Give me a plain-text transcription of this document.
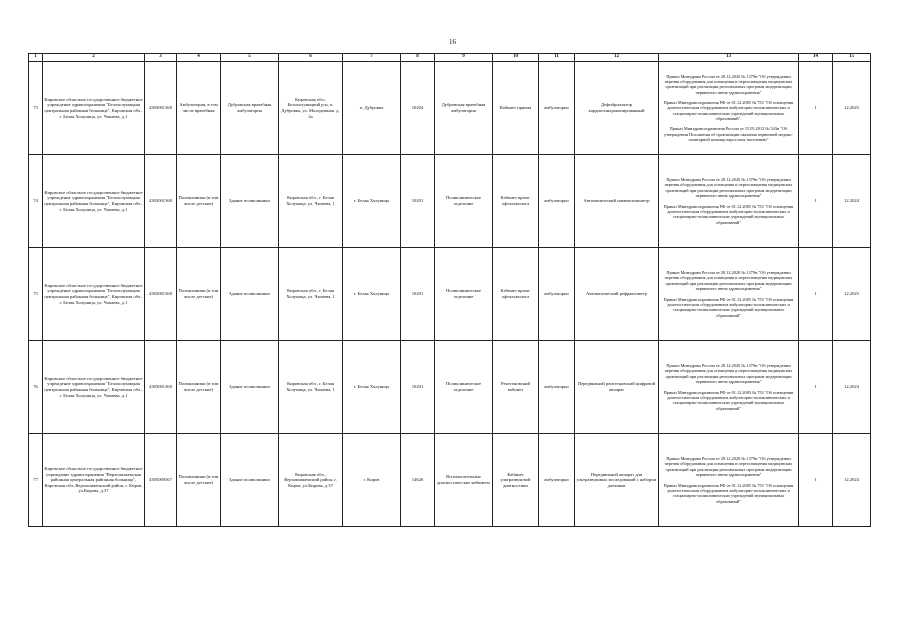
16
1	2	3	4	5	6	7	8	9	10	11	12	13	14	15
73	Кировское областное государственное бюджетное учреждение здравоохранения "Белохолуницкая центральная районная больница", Кировская обл., г. Белая Холуница, ул. Чапаева, д.1	4303001360	Амбулатория, в том числе врачебная	Дубровская врачебная амбулатория	Кировская обл., Белохолуницкий р-н, п. Дубровка, ул. Молодежная, д. 2а	п. Дубровка	10204	Дубровская врачебная амбулатория	Кабинет приема	амбулаторно	Дефибриллятор кардиосинхронизированный	Приказ Минздрава России от 28.12.2020 № 1379н "Об утверждении перечня оборудования для оснащения и переоснащения медицинских организаций при реализации региональных программ модернизации первичного звена здравоохранения"
Приказ Минздравсоцразвития РФ от 01.12.2005 № 753 "Об оснащении диагностическим оборудованием амбулаторно-поликлинических и стационарно-поликлинических учреждений муниципальных образований".
Приказ Минздравсоцразвития России от 15.05.2012 № 543н "Об утверждении Положения об организации оказания первичной медико-санитарной помощи взрослому населению"	1	12.2025
74	Кировское областное государственное бюджетное учреждение здравоохранения "Белохолуницкая центральная районная больница", Кировская обл., г. Белая Холуница, ул. Чапаева, д.1	4303001360	Поликлиники (в том числе детские)	Здание поликлиники	Кировская обл., г. Белая Холуница, ул. Чапаева, 1	г. Белая Холуница	10201	Поликлиническое отделение	Кабинет врача-офтальмолога	амбулаторно	Автоматический пневмотонометр	Приказ Минздрава России от 28.12.2020 № 1379н "Об утверждении перечня оборудования для оснащения и переоснащения медицинских организаций при реализации региональных программ модернизации первичного звена здравоохранения"
Приказ Минздравсоцразвития РФ от 01.12.2005 № 753 "Об оснащении диагностическим оборудованием амбулаторно-поликлинических и стационарно-поликлинических учреждений муниципальных образований"	1	12.2024
75	Кировское областное государственное бюджетное учреждение здравоохранения "Белохолуницкая центральная районная больница", Кировская обл., г. Белая Холуница, ул. Чапаева, д.1	4303001360	Поликлиники (в том числе детские)	Здание поликлиники	Кировская обл., г. Белая Холуница, ул. Чапаева, 1	г. Белая Холуница	10201	Поликлиническое отделение	Кабинет врача-офтальмолога	амбулаторно	Автоматический рефрактометр	Приказ Минздрава России от 28.12.2020 № 1379н "Об утверждении перечня оборудования для оснащения и переоснащения медицинских организаций при реализации региональных программ модернизации первичного звена здравоохранения"
Приказ Минздравсоцразвития РФ от 01.12.2005 № 753 "Об оснащении диагностическим оборудованием амбулаторно-поликлинических и стационарно-поликлинических учреждений муниципальных образований"	1	12.2025
76	Кировское областное государственное бюджетное учреждение здравоохранения "Белохолуницкая центральная районная больница", Кировская обл., г. Белая Холуница, ул. Чапаева, д.1	4303001360	Поликлиники (в том числе детские)	Здание поликлиники	Кировская обл., г. Белая Холуница, ул. Чапаева, 1	г. Белая Холуница	10201	Поликлиническое отделение	Рентгеновский кабинет	амбулаторно	Передвижной рентгеновский цифровой аппарат	Приказ Минздрава России от 28.12.2020 № 1379н "Об утверждении перечня оборудования для оснащения и переоснащения медицинских организаций при реализации региональных программ модернизации первичного звена здравоохранения"
Приказ Минздравсоцразвития РФ от 01.12.2005 № 753 "Об оснащении диагностическим оборудованием амбулаторно-поликлинических и стационарно-поликлинических учреждений муниципальных образований"	1	12.2024
77	Кировское областное государственное бюджетное учреждение здравоохранения "Верхошижемская районная центральная районная больница", Кировская обл.,Верхошижемский район, г. Киров, ул.Кирова, д.37	4305000567	Поликлиники (в том числе детские)	Здание поликлиники	Кировская обл., Верхошижемский район, г. Киров, ул.Кирова, д.37	г. Киров	14626	Вспомогательные диагностические кабинеты	Кабинет ультразвуковой диагностики	амбулаторно	Передвижной аппарат для ультразвуковых исследований с набором датчиков	Приказ Минздрава России от 28.12.2020 № 1379н "Об утверждении перечня оборудования для оснащения и переоснащения медицинских организаций при реализации региональных программ модернизации первичного звена здравоохранения"
Приказ Минздравсоцразвития РФ от 01.12.2005 № 753 "Об оснащении диагностическим оборудованием амбулаторно-поликлинических и стационарно-поликлинических учреждений муниципальных образований"	1	12.2024
